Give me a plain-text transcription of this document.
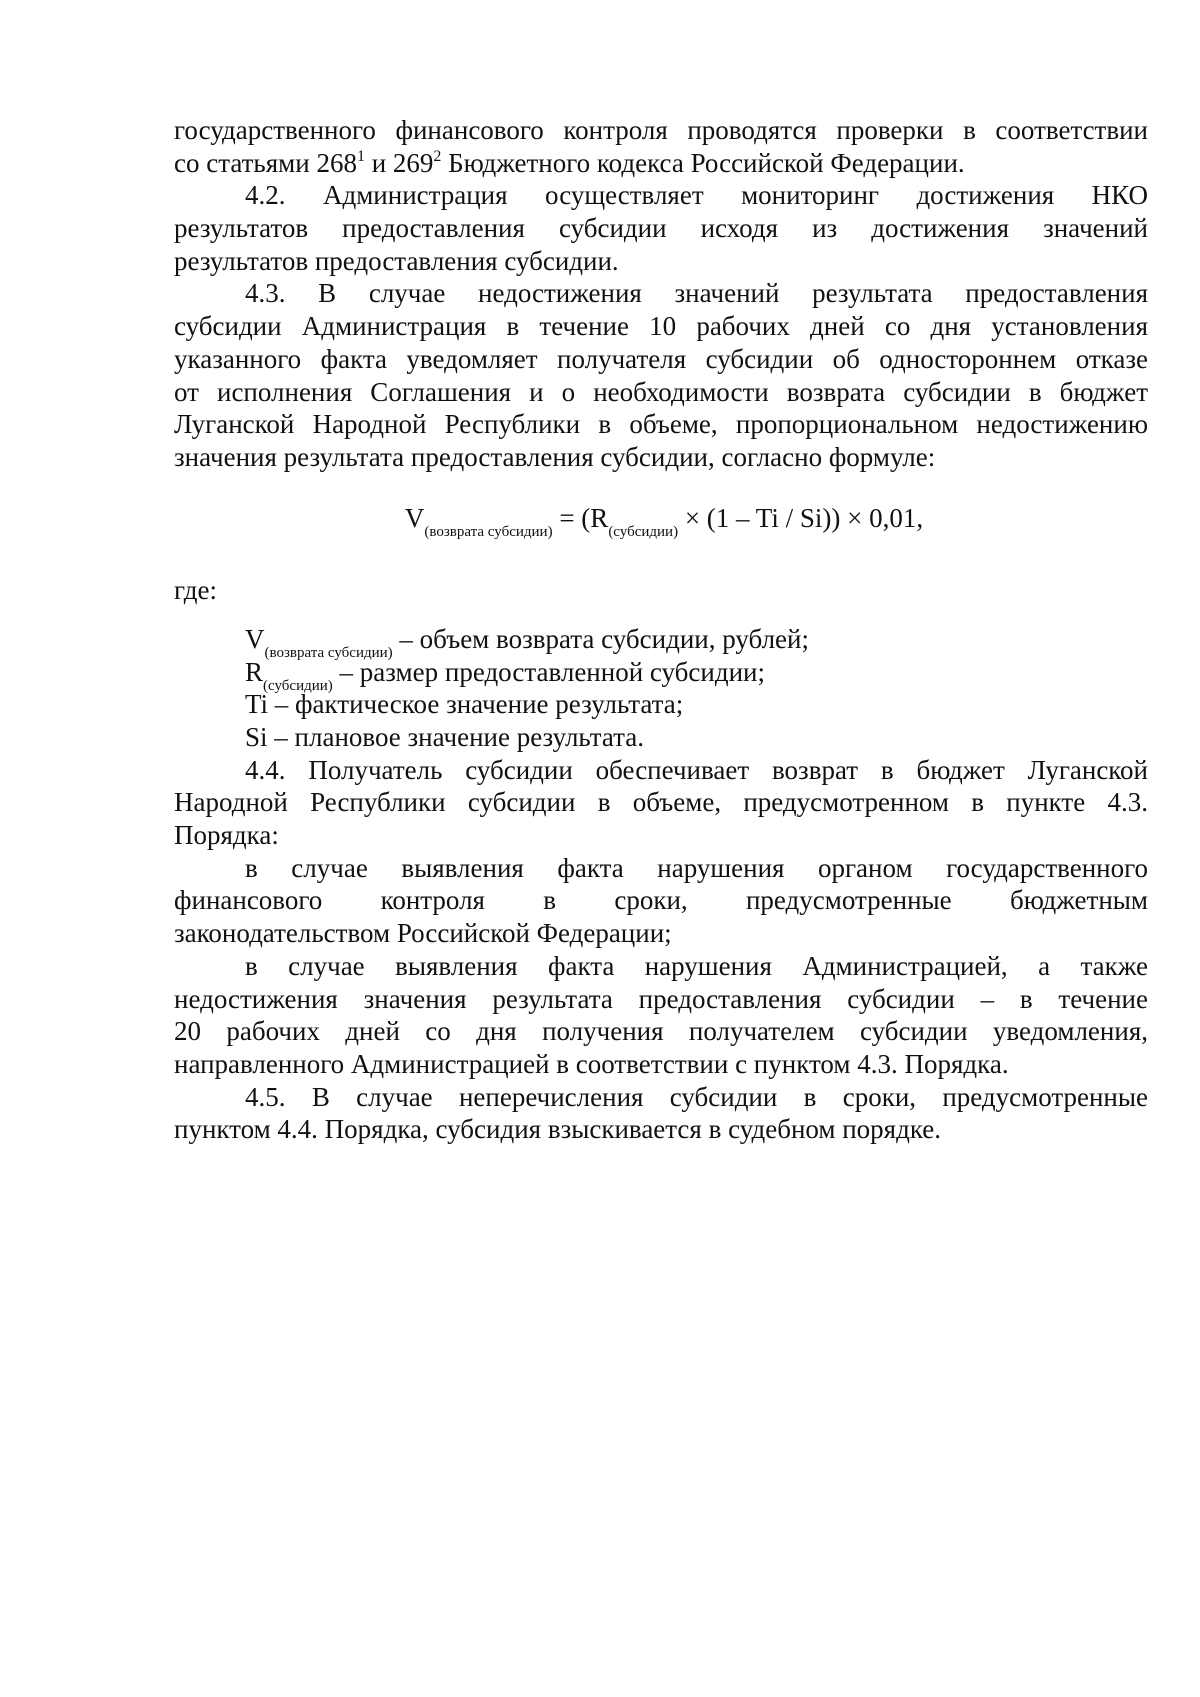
государственного финансового контроля проводятся проверки в соответствии
со статьями $268^1$ и $269^2$ Бюджетного кодекса Российской Федерации.
4.2. Администрация осуществляет мониторинг достижения НКО
результатов предоставления субсидии исходя из достижения значений
результатов предоставления субсидии.
4.3. В случае недостижения значений результата предоставления
субсидии Администрация в течение 10 рабочих дней со дня установления
указанного факта уведомляет получателя субсидии об одностороннем отказе
от исполнения Соглашения и о необходимости возврата субсидии в бюджет
Луганской Народной Республики в объеме, пропорциональном недостижению
значения результата предоставления субсидии, согласно формуле:
$V_{(возврата субсидии)} = (R_{(субсидии)} \times (1 - Ti / Si)) \times 0,01$,
где:
$V_{(возврата субсидии)}$ – объем возврата субсидии, рублей;
$R_{(субсидии)}$ – размер предоставленной субсидии;
Ti – фактическое значение результата;
Si – плановое значение результата.
4.4. Получатель субсидии обеспечивает возврат в бюджет Луганской
Народной Республики субсидии в объеме, предусмотренном в пункте 4.3.
Порядка:
в случае выявления факта нарушения органом государственного
финансового контроля в сроки, предусмотренные бюджетным
законодательством Российской Федерации;
в случае выявления факта нарушения Администрацией, а также
недостижения значения результата предоставления субсидии – в течение
20 рабочих дней со дня получения получателем субсидии уведомления,
направленного Администрацией в соответствии с пунктом 4.3. Порядка.
4.5. В случае неперечисления субсидии в сроки, предусмотренные
пунктом 4.4. Порядка, субсидия взыскивается в судебном порядке.
